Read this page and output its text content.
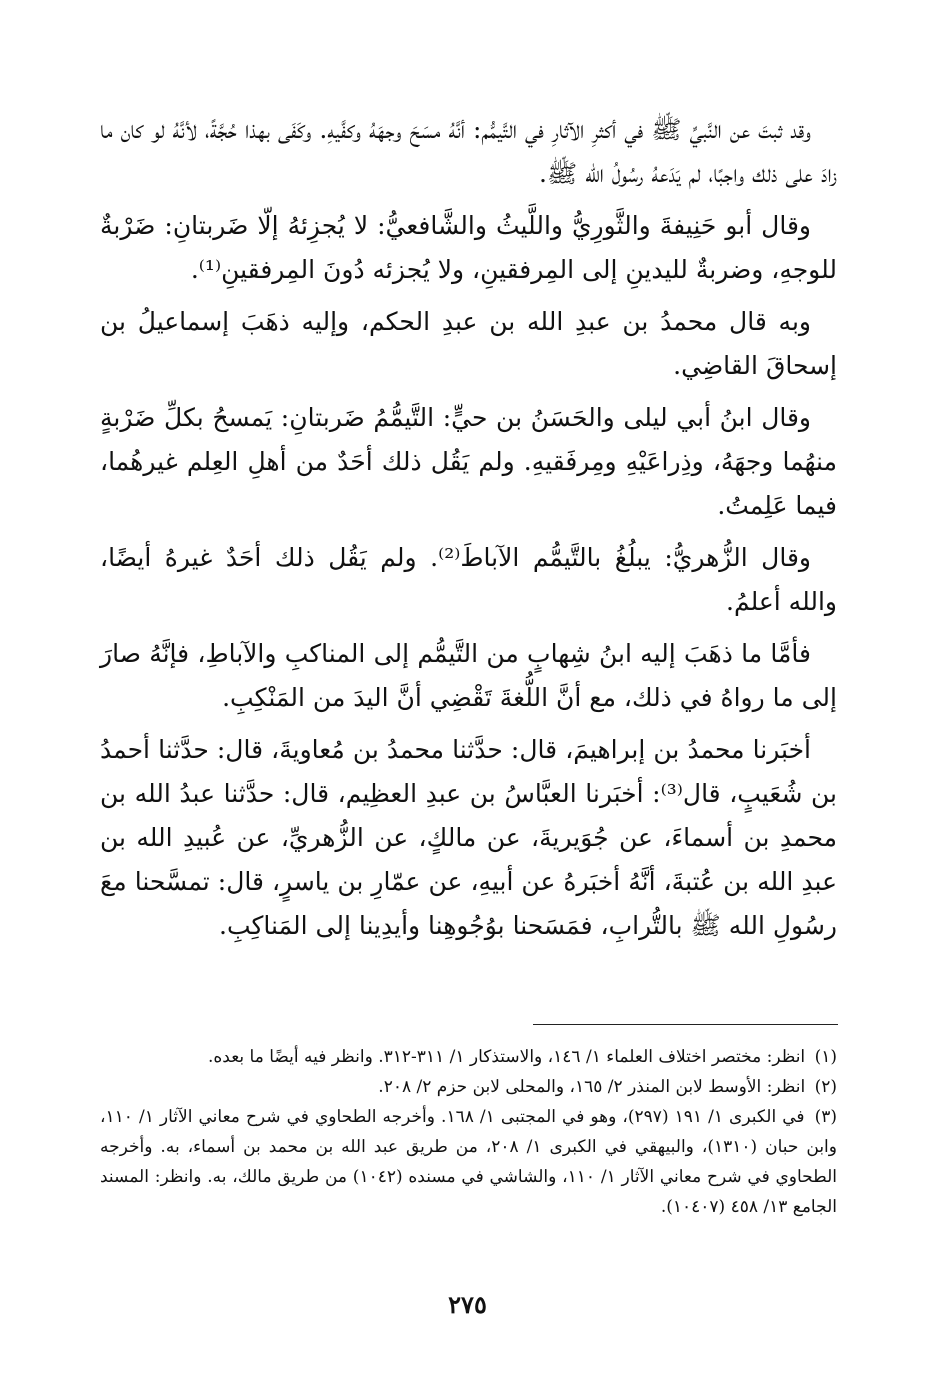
وقد ثبتَ عن النَّبيِّ ﷺ في أكثرِ الآثارِ في التَّيمُّم: أنَّهُ مسَحَ وجهَهُ وكفَّيهِ. وكَفَى بهذا حُجَّةً، لأنَّهُ لو كان ما زادَ على ذلك واجبًا، لم يَدَعهُ رسُولُ الله ﷺ.

وقال أبو حَنِيفةَ والثَّورِيُّ واللَّيثُ والشَّافعيُّ: لا يُجزِئهُ إلّا ضَربتانِ: ضَرْبةٌ للوجهِ، وضربةٌ لليدينِ إلى المِرفقينِ، ولا يُجزئه دُونَ المِرفقينِ⁽¹⁾.

وبه قال محمدُ بن عبدِ الله بن عبدِ الحكم، وإليه ذهَبَ إسماعيلُ بن إسحاقَ القاضِي.

وقال ابنُ أبي ليلى والحَسَنُ بن حيٍّ: التَّيمُّمُ ضَربتانِ: يَمسحُ بكلِّ ضَرْبةٍ منهُما وجهَهُ، وذِراعَيْهِ ومِرفَقيهِ. ولم يَقُل ذلك أحَدٌ من أهلِ العِلم غيرهُما، فيما عَلِمتُ.

وقال الزُّهريُّ: يبلُغُ بالتَّيمُّم الآباطَ⁽²⁾. ولم يَقُل ذلك أحَدٌ غيرهُ أيضًا، والله أعلمُ.

فأمَّا ما ذهَبَ إليه ابنُ شِهابٍ من التَّيمُّم إلى المناكبِ والآباطِ، فإنَّهُ صارَ إلى ما رواهُ في ذلك، مع أنَّ اللُّغةَ تَقْضِي أنَّ اليدَ من المَنْكِبِ.

أخبَرنا محمدُ بن إبراهيمَ، قال: حدَّثنا محمدُ بن مُعاويةَ، قال: حدَّثنا أحمدُ بن شُعَيبٍ، قال⁽³⁾: أخبَرنا العبَّاسُ بن عبدِ العظِيم، قال: حدَّثنا عبدُ الله بن محمدِ بن أسماءَ، عن جُوَيريةَ، عن مالكٍ، عن الزُّهريِّ، عن عُبيدِ الله بن عبدِ الله بن عُتبةَ، أنَّهُ أخبَرهُ عن أبيهِ، عن عمّارِ بن ياسرٍ، قال: تمسَّحنا معَ رسُولِ الله ﷺ بالتُّرابِ، فمَسَحنا بوُجُوهِنا وأيدِينا إلى المَناكِبِ.

(١) انظر: مختصر اختلاف العلماء ١/ ١٤٦، والاستذكار ١/ ٣١١-٣١٢. وانظر فيه أيضًا ما بعده.

(٢) انظر: الأوسط لابن المنذر ٢/ ١٦٥، والمحلى لابن حزم ٢/ ٢٠٨.

(٣) في الكبرى ١/ ١٩١ (٢٩٧)، وهو في المجتبى ١/ ١٦٨. وأخرجه الطحاوي في شرح معاني الآثار ١/ ١١٠، وابن حبان (١٣١٠)، والبيهقي في الكبرى ١/ ٢٠٨، من طريق عبد الله بن محمد بن أسماء، به. وأخرجه الطحاوي في شرح معاني الآثار ١/ ١١٠، والشاشي في مسنده (١٠٤٢) من طريق مالك، به. وانظر: المسند الجامع ١٣/ ٤٥٨ (١٠٤٠٧).

٢٧٥
